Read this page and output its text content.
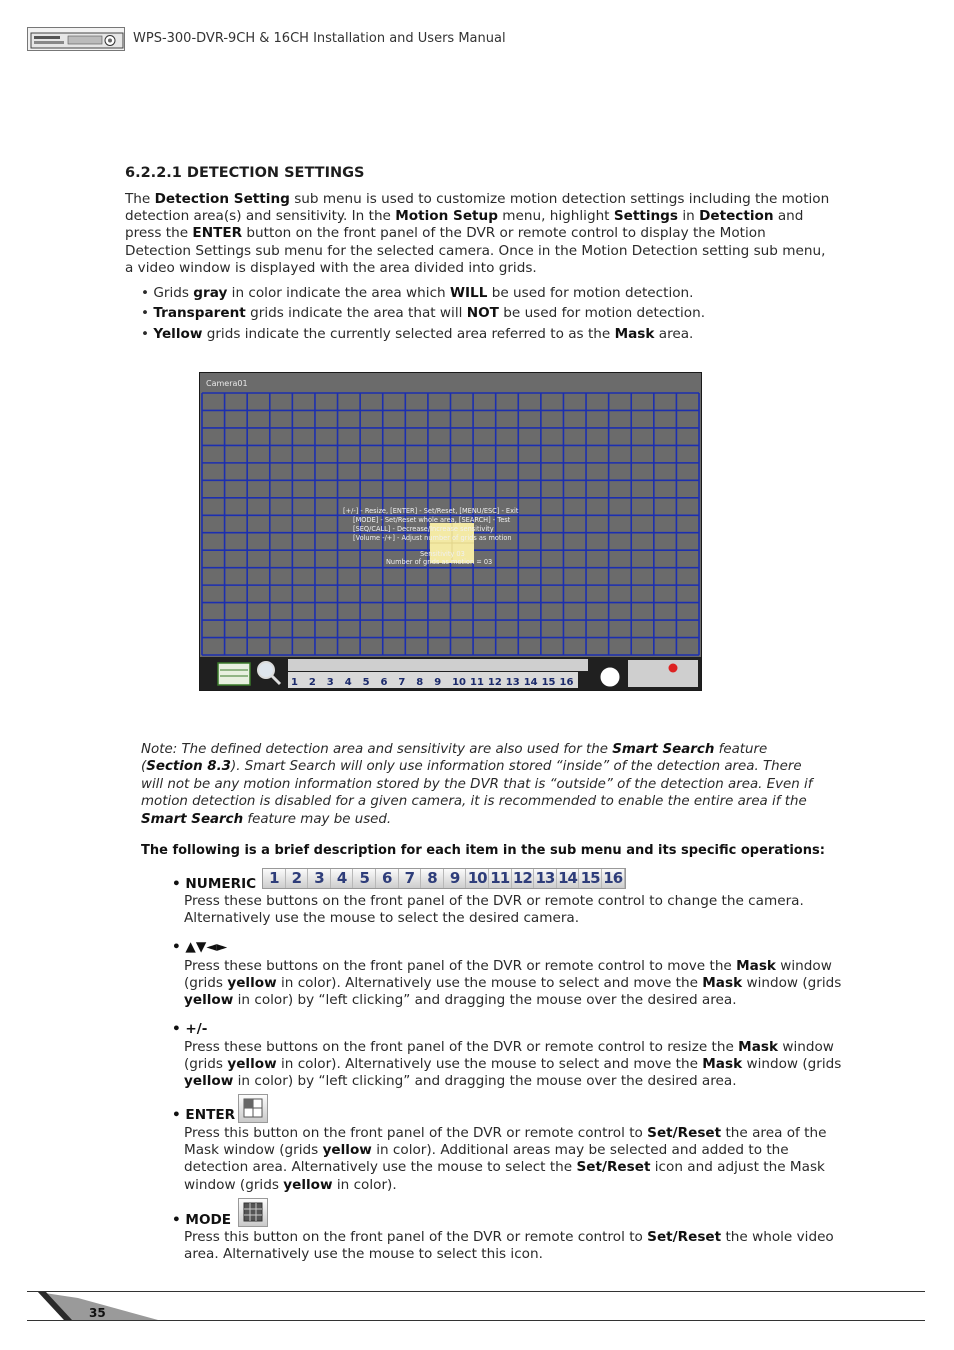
WPS-300-DVR-9CH & 16CH Installation and Users Manual
6.2.2.1 DETECTION SETTINGS
The Detection Setting sub menu is used to customize motion detection settings including the motion detection area(s) and sensitivity. In the Motion Setup menu, highlight Settings in Detection and press the ENTER button on the front panel of the DVR or remote control to display the Motion Detection Settings sub menu for the selected camera. Once in the Motion Detection setting sub menu, a video window is displayed with the area divided into grids.
• Grids gray in color indicate the area which WILL be used for motion detection.
• Transparent grids indicate the area that will NOT be used for motion detection.
• Yellow grids indicate the currently selected area referred to as the Mask area.
Camera01
[+/-] - Resize, [ENTER] - Set/Reset, [MENU/ESC] - Exit
[MODE] - Set/Reset whole area, [SEARCH] - Test
[SEQ/CALL] - Decrease/Increase sensitivity
[Volume -/+] - Adjust number of grids as motion
Sensitivity 03
Number of grids as motion = 03
1 2 3 4 5 6 7 8 9 10 11 12 13 14 15 16
Note: The defined detection area and sensitivity are also used for the Smart Search feature (Section 8.3). Smart Search will only use information stored “inside” of the detection area. There will not be any motion information stored by the DVR that is “outside” of the detection area. Even if motion detection is disabled for a given camera, it is recommended to enable the entire area if the Smart Search feature may be used.
The following is a brief description for each item in the sub menu and its specific operations:
• NUMERIC 1 2 3 4 5 6 7 8 9 10 11 12 13 14 15 16
Press these buttons on the front panel of the DVR or remote control to change the camera. Alternatively use the mouse to select the desired camera.
• ▲▼◄►
Press these buttons on the front panel of the DVR or remote control to move the Mask window (grids yellow in color). Alternatively use the mouse to select and move the Mask window (grids yellow in color) by “left clicking” and dragging the mouse over the desired area.
• +/-
Press these buttons on the front panel of the DVR or remote control to resize the Mask window (grids yellow in color). Alternatively use the mouse to select and move the Mask window (grids yellow in color) by “left clicking” and dragging the mouse over the desired area.
• ENTER
Press this button on the front panel of the DVR or remote control to Set/Reset the area of the Mask window (grids yellow in color). Additional areas may be selected and added to the detection area. Alternatively use the mouse to select the Set/Reset icon and adjust the Mask window (grids yellow in color).
• MODE
Press this button on the front panel of the DVR or remote control to Set/Reset the whole video area. Alternatively use the mouse to select this icon.
35
